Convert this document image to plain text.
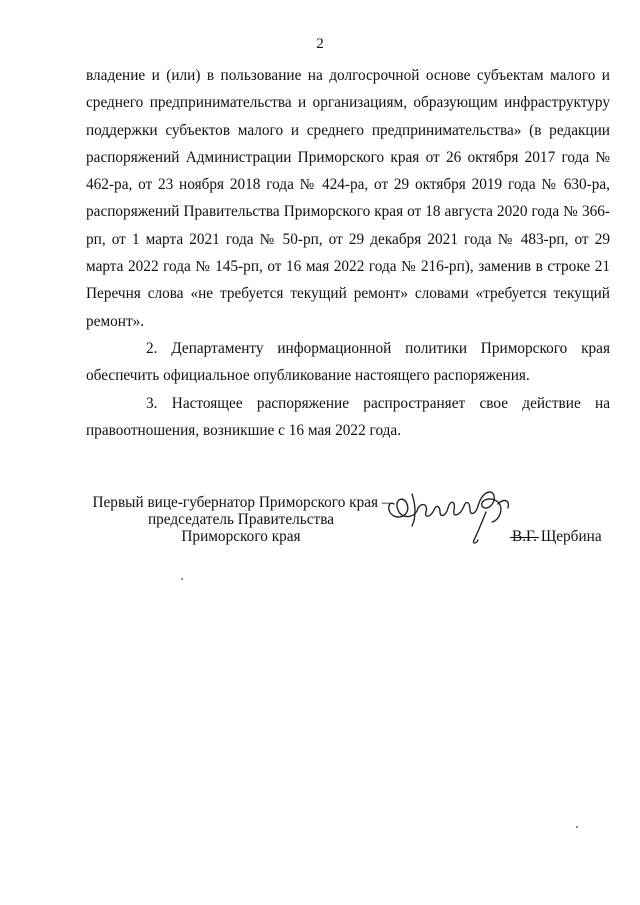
2

владение и (или) в пользование на долгосрочной основе субъектам малого и среднего предпринимательства и организациям, образующим инфраструктуру поддержки субъектов малого и среднего предпринимательства» (в редакции распоряжений Администрации Приморского края от 26 октября 2017 года № 462-ра, от 23 ноября 2018 года № 424-ра, от 29 октября 2019 года № 630-ра, распоряжений Правительства Приморского края от 18 августа 2020 года № 366-рп, от 1 марта 2021 года № 50-рп, от 29 декабря 2021 года № 483-рп, от 29 марта 2022 года № 145-рп, от 16 мая 2022 года № 216-рп), заменив в строке 21 Перечня слова «не требуется текущий ремонт» словами «требуется текущий ремонт».

2. Департаменту информационной политики Приморского края обеспечить официальное опубликование настоящего распоряжения.

3. Настоящее распоряжение распространяет свое действие на правоотношения, возникшие с 16 мая 2022 года.

Первый вице-губернатор Приморского края –
председатель Правительства
Приморского края	В.Г. Щербина
